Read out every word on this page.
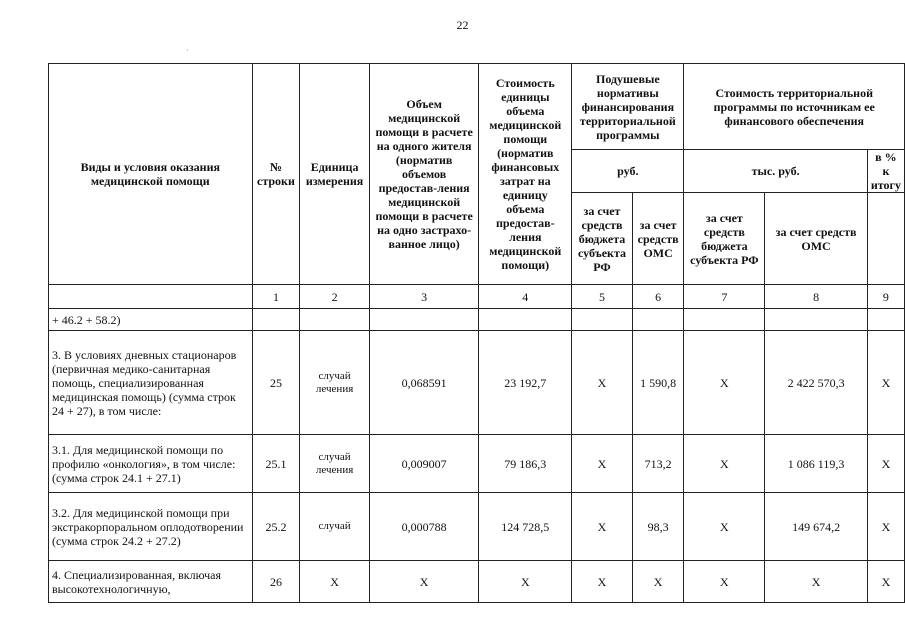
22
·
Виды и условия оказания медицинской помощи	№ строки	Единица измерения	Объем медицинской помощи в расчете на одного жителя (норматив объемов предостав-ления медицинской помощи в расчете на одно застрахо-ванное лицо)	Стоимость единицы объема медицинской помощи (норматив финансовых затрат на единицу объема предостав-ления медицинской помощи)	Подушевые нормативы финансирования территориальной программы		Стоимость территориальной программы по источникам ее финансового обеспечения		
					руб.		тыс. руб.		в % к итогу
					за счет средств бюджета субъекта РФ	за счет средств ОМС	за счет средств бюджета субъекта РФ	за счет средств ОМС	
	1	2	3	4	5	6	7	8	9
+ 46.2 + 58.2)									
3. В условиях дневных стационаров (первичная медико-санитарная помощь, специализированная медицинская помощь) (сумма строк 24 + 27), в том числе:	25	случай лечения	0,068591	23 192,7	X	1 590,8	X	2 422 570,3	X
3.1. Для медицинской помощи по профилю «онкология», в том числе: (сумма строк 24.1 + 27.1)	25.1	случай лечения	0,009007	79 186,3	X	713,2	X	1 086 119,3	X
3.2. Для медицинской помощи при экстракорпоральном оплодотворении (сумма строк 24.2 + 27.2)	25.2	случай	0,000788	124 728,5	X	98,3	X	149 674,2	X
4. Специализированная, включая высокотехнологичную,	26	X	X	X	X	X	X	X	X
